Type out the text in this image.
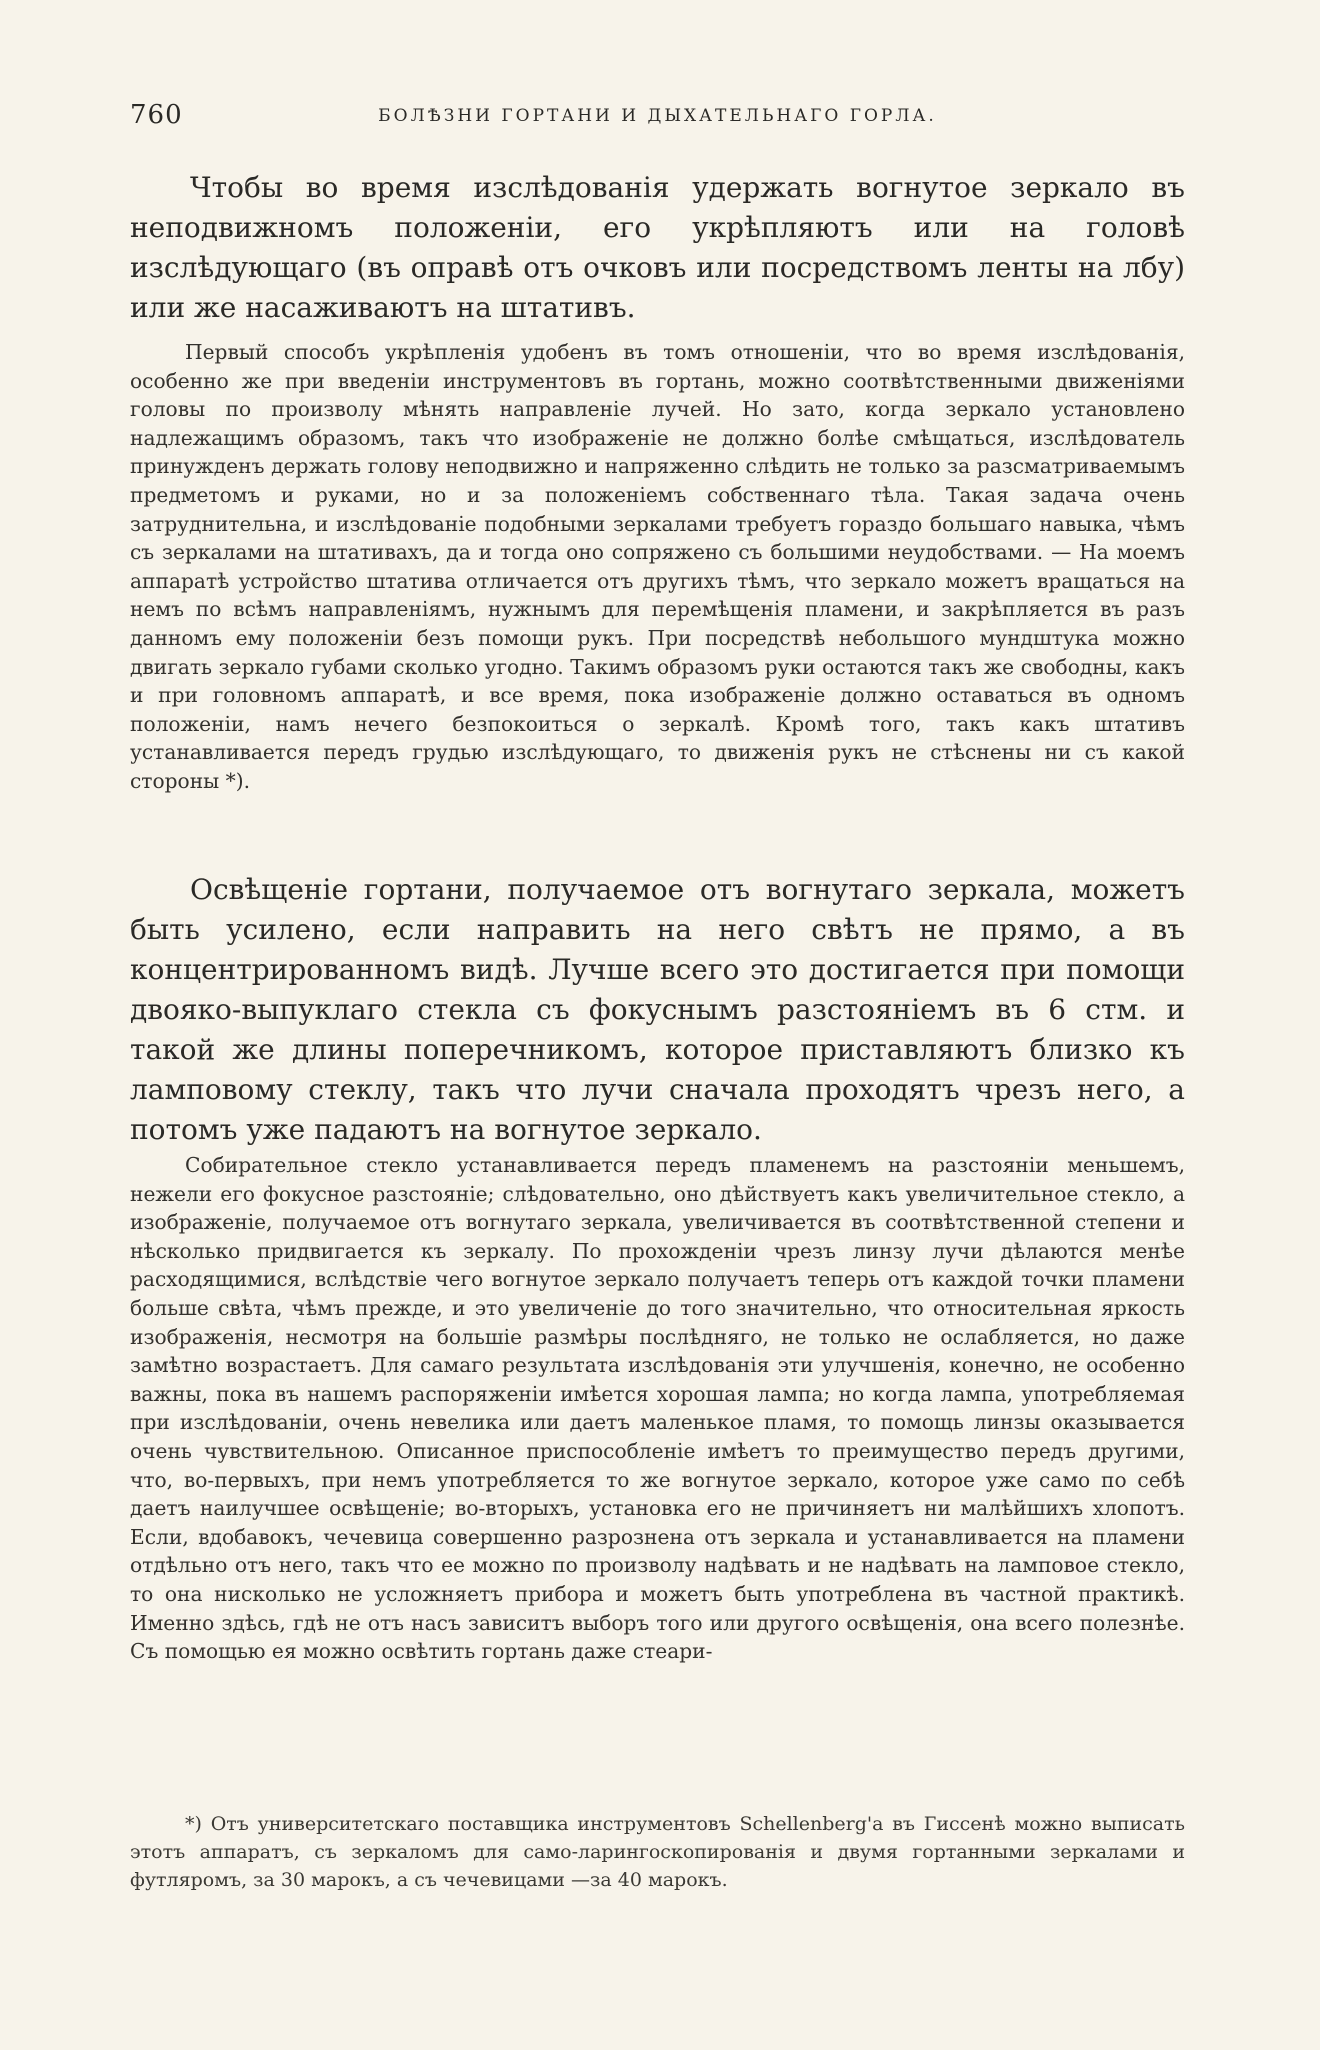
760	БОЛѢЗНИ ГОРТАНИ И ДЫХАТЕЛЬНАГО ГОРЛА.

Чтобы во время изслѣдованія удержать вогнутое зеркало въ неподвижномъ положеніи, его укрѣпляютъ или на головѣ изслѣдующаго (въ оправѣ отъ очковъ или посредствомъ ленты на лбу) или же насаживаютъ на штативъ.

Первый способъ укрѣпленія удобенъ въ томъ отношеніи, что во время изслѣдованія, особенно же при введеніи инструментовъ въ гортань, можно соотвѣтственными движеніями головы по произволу мѣнять направленіе лучей. Но зато, когда зеркало установлено надлежащимъ образомъ, такъ что изображеніе не должно болѣе смѣщаться, изслѣдователь принужденъ держать голову неподвижно и напряженно слѣдить не только за разсматриваемымъ предметомъ и руками, но и за положеніемъ собственнаго тѣла. Такая задача очень затруднительна, и изслѣдованіе подобными зеркалами требуетъ гораздо большаго навыка, чѣмъ съ зеркалами на штативахъ, да и тогда оно сопряжено съ большими неудобствами. — На моемъ аппаратѣ устройство штатива отличается отъ другихъ тѣмъ, что зеркало можетъ вращаться на немъ по всѣмъ направленіямъ, нужнымъ для перемѣщенія пламени, и закрѣпляется въ разъ данномъ ему положеніи безъ помощи рукъ. При посредствѣ небольшого мундштука можно двигать зеркало губами сколько угодно. Такимъ образомъ руки остаются такъ же свободны, какъ и при головномъ аппаратѣ, и все время, пока изображеніе должно оставаться въ одномъ положеніи, намъ нечего безпокоиться о зеркалѣ. Кромѣ того, такъ какъ штативъ устанавливается передъ грудью изслѣдующаго, то движенія рукъ не стѣснены ни съ какой стороны *).

Освѣщеніе гортани, получаемое отъ вогнутаго зеркала, можетъ быть усилено, если направить на него свѣтъ не прямо, а въ концентрированномъ видѣ. Лучше всего это достигается при помощи двояко-выпуклаго стекла съ фокуснымъ разстояніемъ въ 6 стм. и такой же длины поперечникомъ, которое приставляютъ близко къ ламповому стеклу, такъ что лучи сначала проходятъ чрезъ него, а потомъ уже падаютъ на вогнутое зеркало.

Собирательное стекло устанавливается передъ пламенемъ на разстояніи меньшемъ, нежели его фокусное разстояніе; слѣдовательно, оно дѣйствуетъ какъ увеличительное стекло, а изображеніе, получаемое отъ вогнутаго зеркала, увеличивается въ соотвѣтственной степени и нѣсколько придвигается къ зеркалу. По прохожденіи чрезъ линзу лучи дѣлаются менѣе расходящимися, вслѣдствіе чего вогнутое зеркало получаетъ теперь отъ каждой точки пламени больше свѣта, чѣмъ прежде, и это увеличеніе до того значительно, что относительная яркость изображенія, несмотря на большіе размѣры послѣдняго, не только не ослабляется, но даже замѣтно возрастаетъ. Для самаго результата изслѣдованія эти улучшенія, конечно, не особенно важны, пока въ нашемъ распоряженіи имѣется хорошая лампа; но когда лампа, употребляемая при изслѣдованіи, очень невелика или даетъ маленькое пламя, то помощь линзы оказывается очень чувствительною. Описанное приспособленіе имѣетъ то преимущество передъ другими, что, во-первыхъ, при немъ употребляется то же вогнутое зеркало, которое уже само по себѣ даетъ наилучшее освѣщеніе; во-вторыхъ, установка его не причиняетъ ни малѣйшихъ хлопотъ. Если, вдобавокъ, чечевица совершенно разрознена отъ зеркала и устанавливается на пламени отдѣльно отъ него, такъ что ее можно по произволу надѣвать и не надѣвать на ламповое стекло, то она нисколько не усложняетъ прибора и можетъ быть употреблена въ частной практикѣ. Именно здѣсь, гдѣ не отъ насъ зависитъ выборъ того или другого освѣщенія, она всего полезнѣе. Съ помощью ея можно освѣтить гортань даже стеари-

*) Отъ университетскаго поставщика инструментовъ Schellenberg'а въ Гиссенѣ можно выписать этотъ аппаратъ, съ зеркаломъ для само-ларингоскопированія и двумя гортанными зеркалами и футляромъ, за 30 марокъ, а съ чечевицами —за 40 марокъ.
